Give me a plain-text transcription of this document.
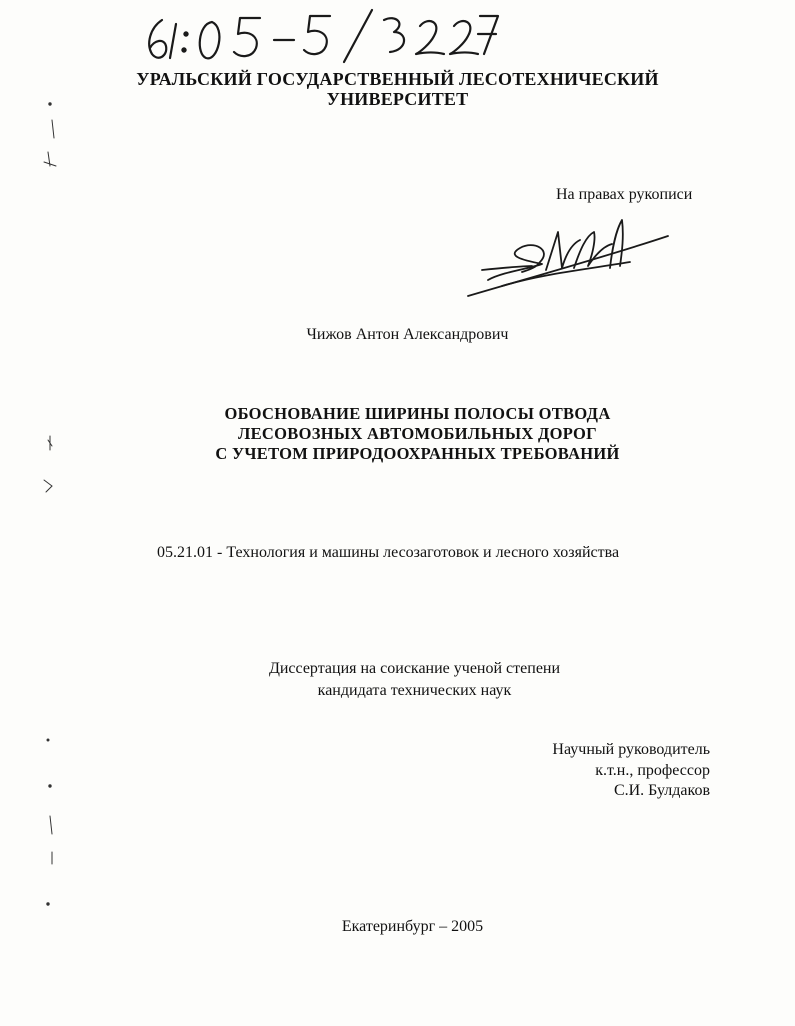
УРАЛЬСКИЙ ГОСУДАРСТВЕННЫЙ ЛЕСОТЕХНИЧЕСКИЙ
УНИВЕРСИТЕТ
На правах рукописи
Чижов Антон Александрович
ОБОСНОВАНИЕ ШИРИНЫ ПОЛОСЫ ОТВОДА
ЛЕСОВОЗНЫХ АВТОМОБИЛЬНЫХ ДОРОГ
С УЧЕТОМ ПРИРОДООХРАННЫХ ТРЕБОВАНИЙ
05.21.01 - Технология и машины лесозаготовок и лесного хозяйства
Диссертация на соискание ученой степени
кандидата технических наук
Научный руководитель
к.т.н., профессор
С.И. Булдаков
Екатеринбург – 2005
